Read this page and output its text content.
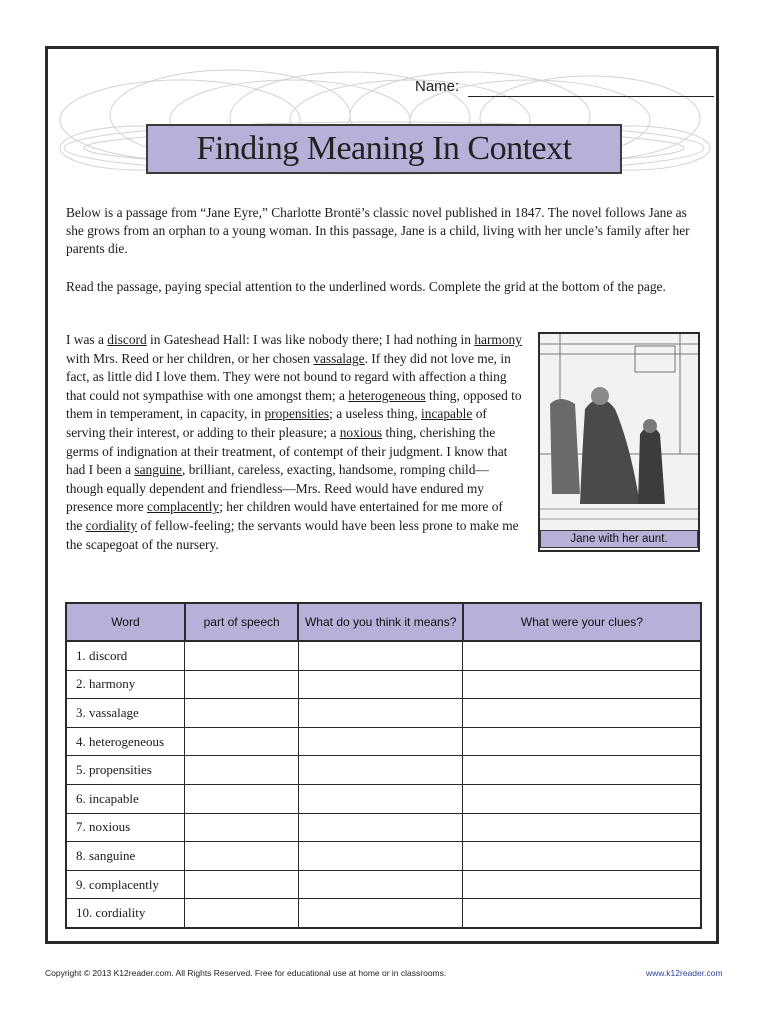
Name:
Finding Meaning In Context

Below is a passage from “Jane Eyre,” Charlotte Brontë’s classic novel published in 1847. The novel follows Jane as she grows from an orphan to a young woman. In this passage, Jane is a child, living with her uncle’s family after her parents die.

Read the passage, paying special attention to the underlined words. Complete the grid at the bottom of the page.

I was a discord in Gateshead Hall: I was like nobody there; I had nothing in harmony with Mrs. Reed or her children, or her chosen vassalage. If they did not love me, in fact, as little did I love them. They were not bound to regard with affection a thing that could not sympathise with one amongst them; a heterogeneous thing, opposed to them in temperament, in capacity, in propensities; a useless thing, incapable of serving their interest, or adding to their pleasure; a noxious thing, cherishing the germs of indignation at their treatment, of contempt of their judgment. I know that had I been a sanguine, brilliant, careless, exacting, handsome, romping child—though equally dependent and friendless—Mrs. Reed would have endured my presence more complacently; her children would have entertained for me more of the cordiality of fellow-feeling; the servants would have been less prone to make me the scapegoat of the nursery.	Jane with her aunt.
Word	part of speech	What do you think it means?	What were your clues?
1. discord			
2. harmony			
3. vassalage			
4. heterogeneous			
5. propensities			
6. incapable			
7. noxious			
8. sanguine			
9. complacently			
10. cordiality			
Copyright © 2013 K12reader.com. All Rights Reserved. Free for educational use at home or in classrooms.	www.k12reader.com
